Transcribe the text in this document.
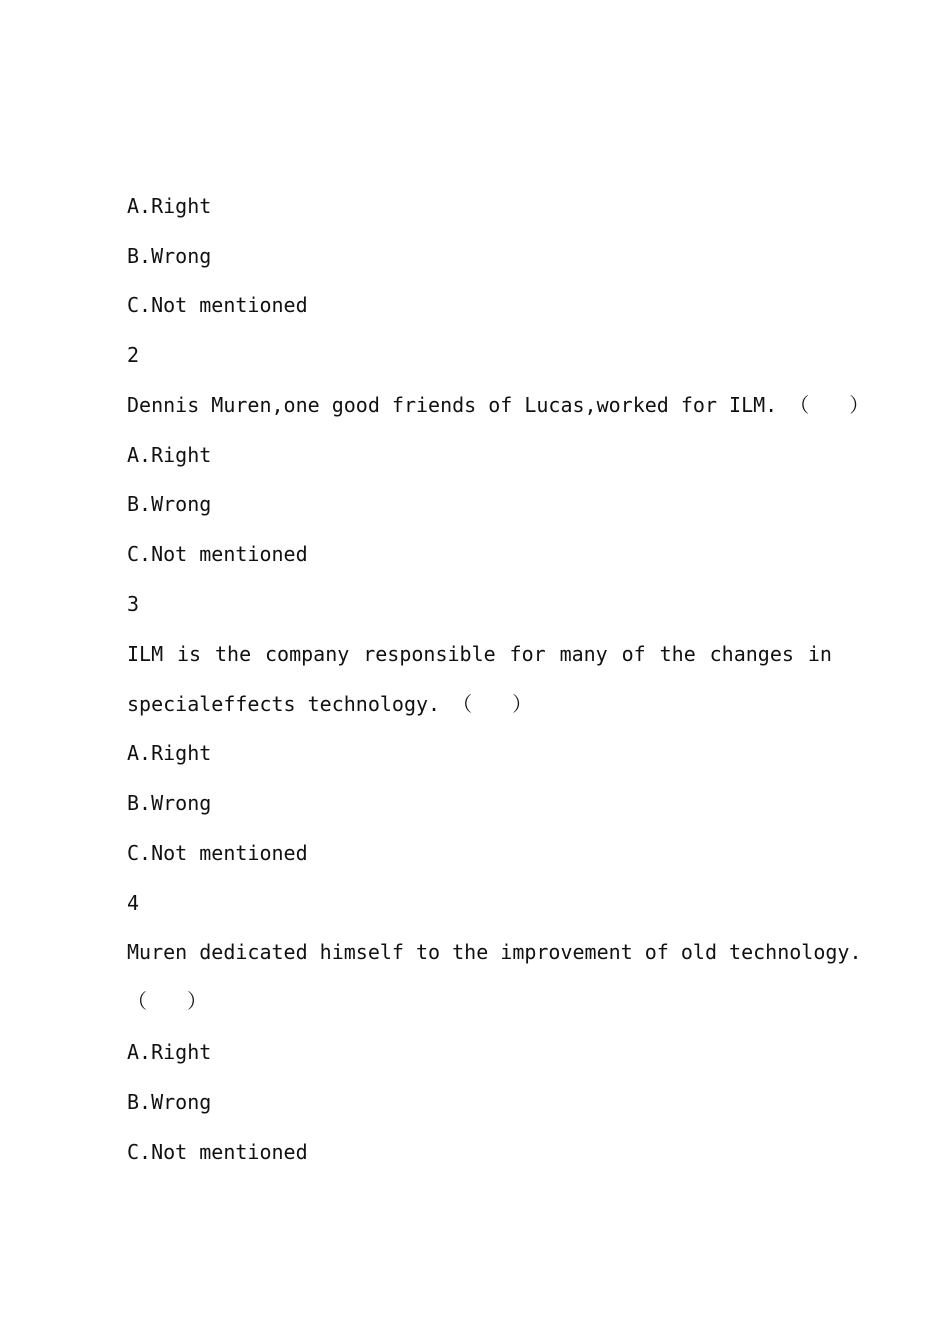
A.Right
B.Wrong
C.Not mentioned
2
Dennis Muren,one good friends of Lucas,worked for ILM. （　　）
A.Right
B.Wrong
C.Not mentioned
3
ILM is the company responsible for many of the changes in
specialeffects technology. （　　）
A.Right
B.Wrong
C.Not mentioned
4
Muren dedicated himself to the improvement of old technology.
（　　）
A.Right
B.Wrong
C.Not mentioned
